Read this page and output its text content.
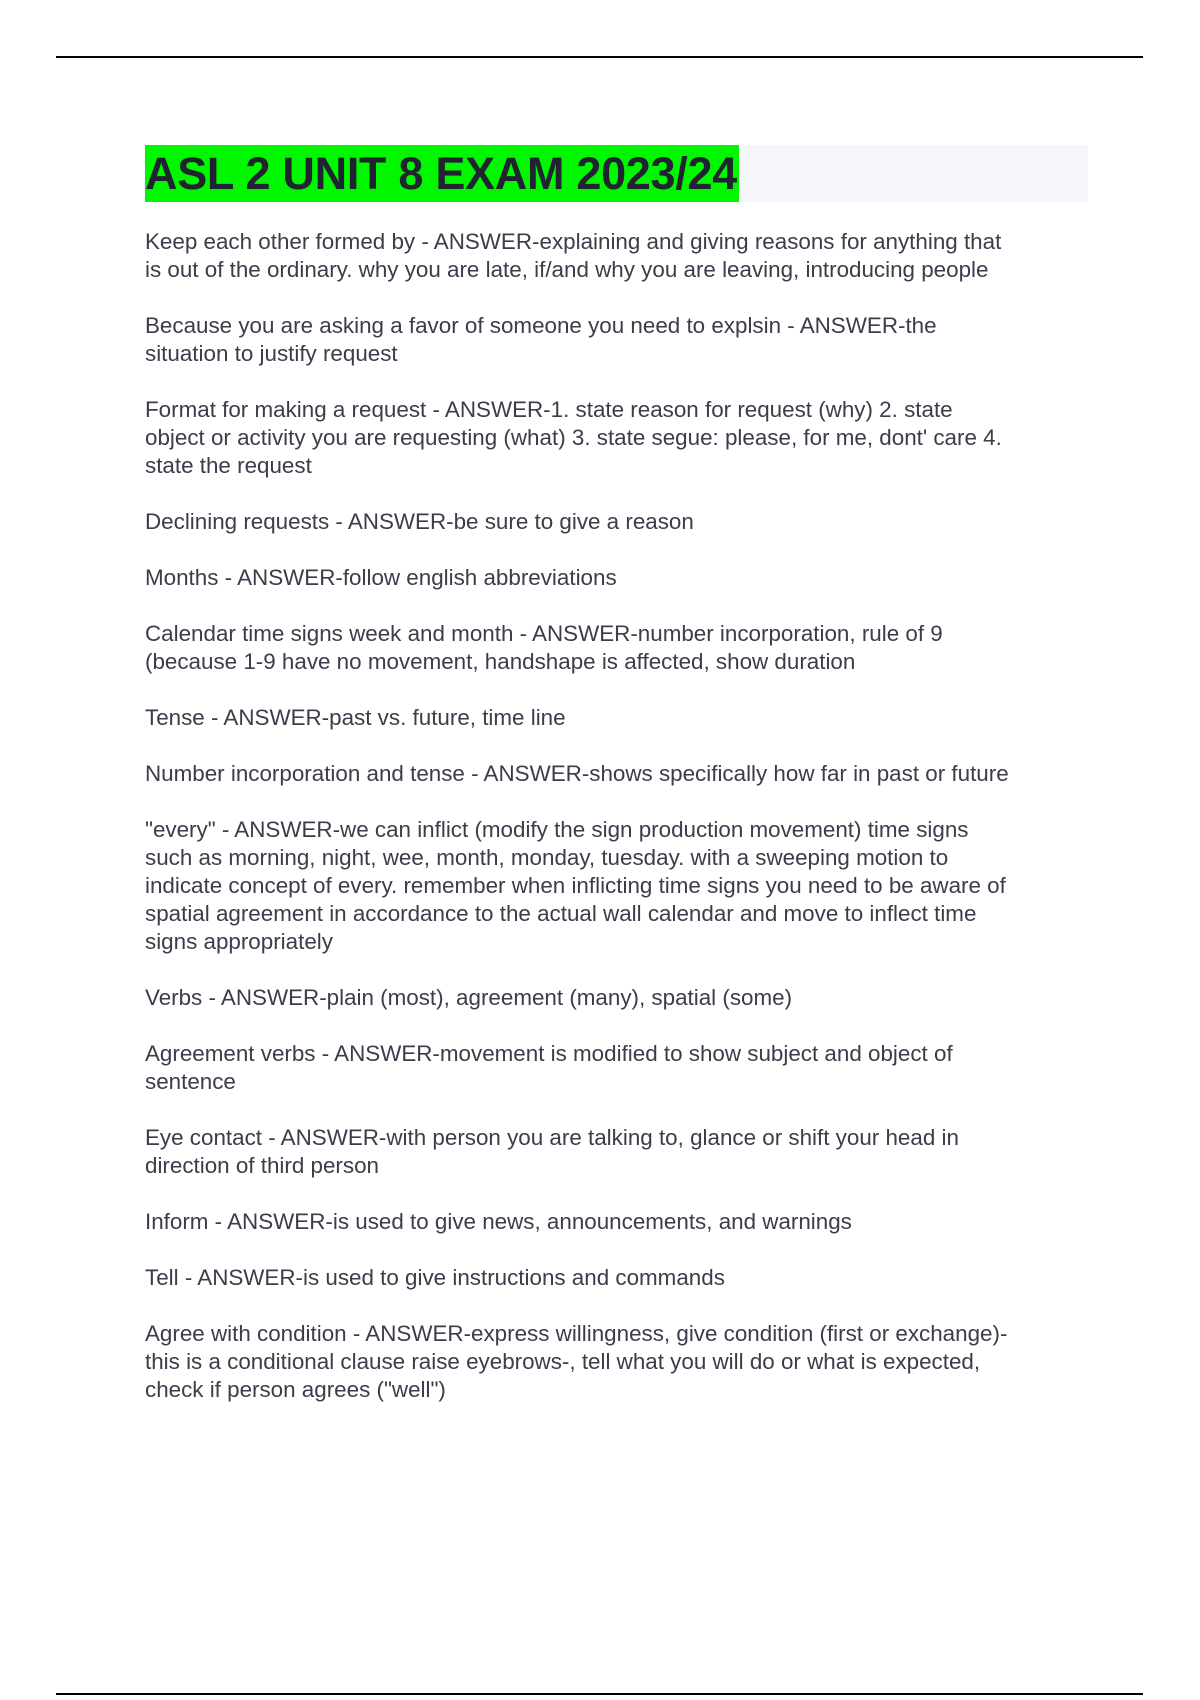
ASL 2 UNIT 8 EXAM 2023/24

Keep each other formed by - ANSWER-explaining and giving reasons for anything that
is out of the ordinary. why you are late, if/and why you are leaving, introducing people

Because you are asking a favor of someone you need to explsin - ANSWER-the
situation to justify request

Format for making a request - ANSWER-1. state reason for request (why) 2. state
object or activity you are requesting (what) 3. state segue: please, for me, dont' care 4.
state the request

Declining requests - ANSWER-be sure to give a reason

Months - ANSWER-follow english abbreviations

Calendar time signs week and month - ANSWER-number incorporation, rule of 9
(because 1-9 have no movement, handshape is affected, show duration

Tense - ANSWER-past vs. future, time line

Number incorporation and tense - ANSWER-shows specifically how far in past or future

"every" - ANSWER-we can inflict (modify the sign production movement) time signs
such as morning, night, wee, month, monday, tuesday. with a sweeping motion to
indicate concept of every. remember when inflicting time signs you need to be aware of
spatial agreement in accordance to the actual wall calendar and move to inflect time
signs appropriately

Verbs - ANSWER-plain (most), agreement (many), spatial (some)

Agreement verbs - ANSWER-movement is modified to show subject and object of
sentence

Eye contact - ANSWER-with person you are talking to, glance or shift your head in
direction of third person

Inform - ANSWER-is used to give news, announcements, and warnings

Tell - ANSWER-is used to give instructions and commands

Agree with condition - ANSWER-express willingness, give condition (first or exchange)-
this is a conditional clause raise eyebrows-, tell what you will do or what is expected,
check if person agrees ("well")
